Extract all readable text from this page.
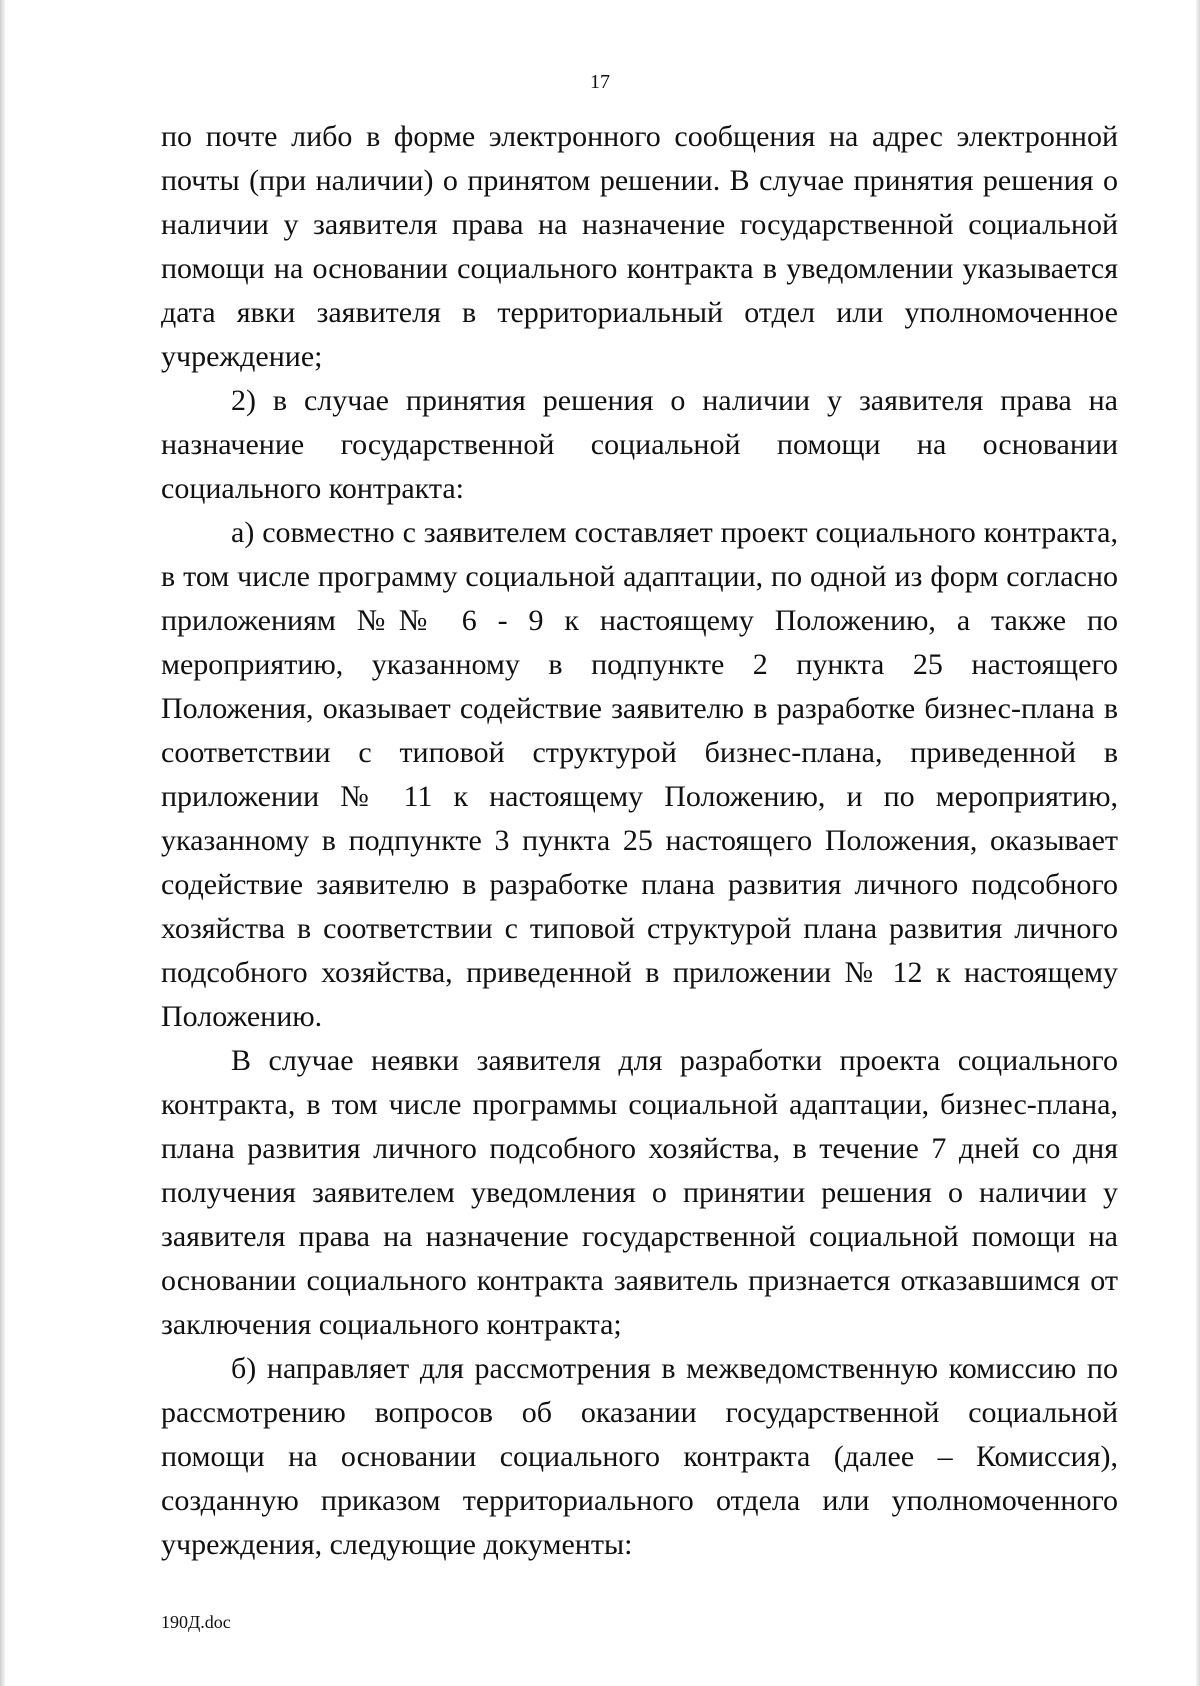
17

по почте либо в форме электронного сообщения на адрес электронной почты (при наличии) о принятом решении. В случае принятия решения о наличии у заявителя права на назначение государственной социальной помощи на основании социального контракта в уведомлении указывается дата явки заявителя в территориальный отдел или уполномоченное учреждение;

2) в случае принятия решения о наличии у заявителя права на назначение государственной социальной помощи на основании социального контракта:

а) совместно с заявителем составляет проект социального контракта, в том числе программу социальной адаптации, по одной из форм согласно приложениям №№ 6 - 9 к настоящему Положению, а также по мероприятию, указанному в подпункте 2 пункта 25 настоящего Положения, оказывает содействие заявителю в разработке бизнес-плана в соответствии с типовой структурой бизнес-плана, приведенной в приложении № 11 к настоящему Положению, и по мероприятию, указанному в подпункте 3 пункта 25 настоящего Положения, оказывает содействие заявителю в разработке плана развития личного подсобного хозяйства в соответствии с типовой структурой плана развития личного подсобного хозяйства, приведенной в приложении № 12 к настоящему Положению.

В случае неявки заявителя для разработки проекта социального контракта, в том числе программы социальной адаптации, бизнес-плана, плана развития личного подсобного хозяйства, в течение 7 дней со дня получения заявителем уведомления о принятии решения о наличии у заявителя права на назначение государственной социальной помощи на основании социального контракта заявитель признается отказавшимся от заключения социального контракта;

б) направляет для рассмотрения в межведомственную комиссию по рассмотрению вопросов об оказании государственной социальной помощи на основании социального контракта (далее – Комиссия), созданную приказом территориального отдела или уполномоченного учреждения, следующие документы:

190Д.doc
